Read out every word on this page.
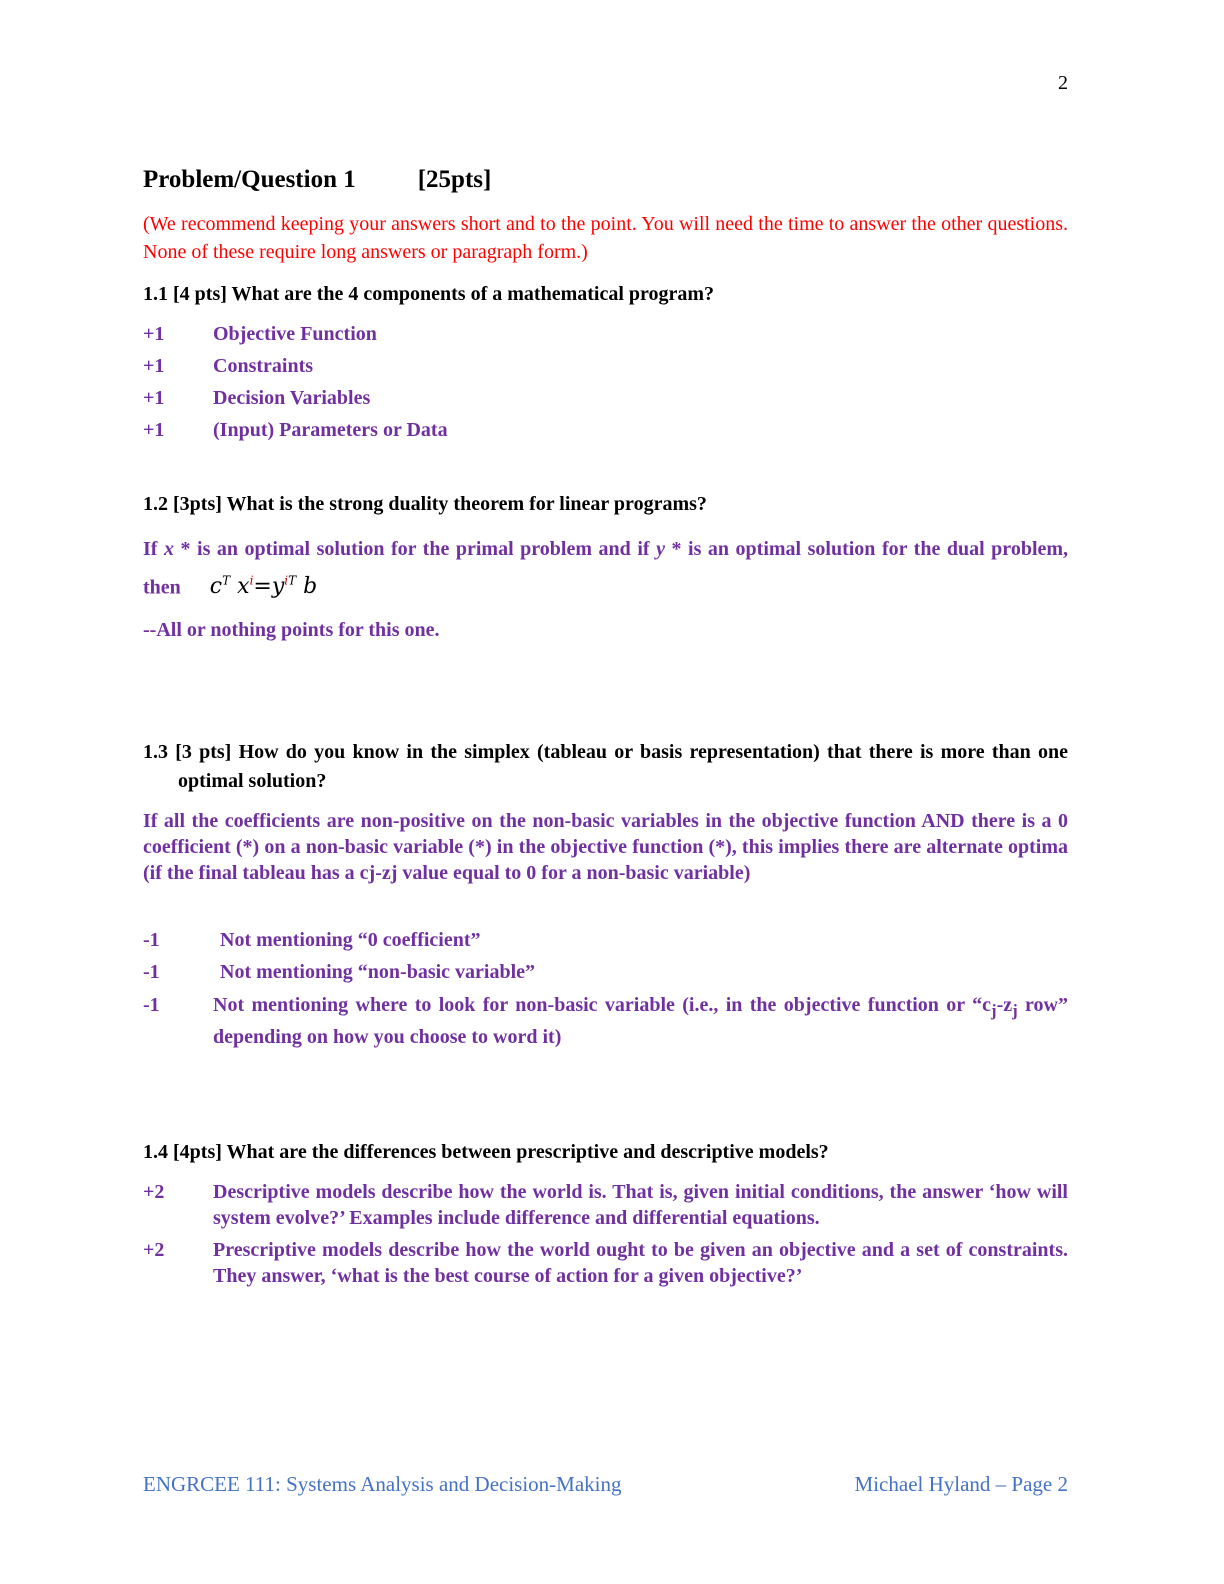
2
Problem/Question 1 [25pts]
(We recommend keeping your answers short and to the point. You will need the time to answer the other questions. None of these require long answers or paragraph form.)
1.1 [4 pts] What are the 4 components of a mathematical program?
+1	Objective Function
+1	Constraints
+1	Decision Variables
+1	(Input) Parameters or Data
1.2 [3pts] What is the strong duality theorem for linear programs?
If x * is an optimal solution for the primal problem and if y * is an optimal solution for the dual problem, then $c^T$ $x^i=y^{iT}$ b
--All or nothing points for this one.
1.3 [3 pts] How do you know in the simplex (tableau or basis representation) that there is more than one optimal solution?
If all the coefficients are non-positive on the non-basic variables in the objective function AND there is a 0 coefficient (*) on a non-basic variable (*) in the objective function (*), this implies there are alternate optima (if the final tableau has a cj-zj value equal to 0 for a non-basic variable)
-1	Not mentioning “0 coefficient”
-1	Not mentioning “non-basic variable”
-1	Not mentioning where to look for non-basic variable (i.e., in the objective function or “$c_j-z_j$ row” depending on how you choose to word it)
1.4 [4pts] What are the differences between prescriptive and descriptive models?
+2	Descriptive models describe how the world is. That is, given initial conditions, the answer ‘how will system evolve?’ Examples include difference and differential equations.
+2	Prescriptive models describe how the world ought to be given an objective and a set of constraints. They answer, ‘what is the best course of action for a given objective?’
ENGRCEE 111: Systems Analysis and Decision-Making	Michael Hyland – Page 2
